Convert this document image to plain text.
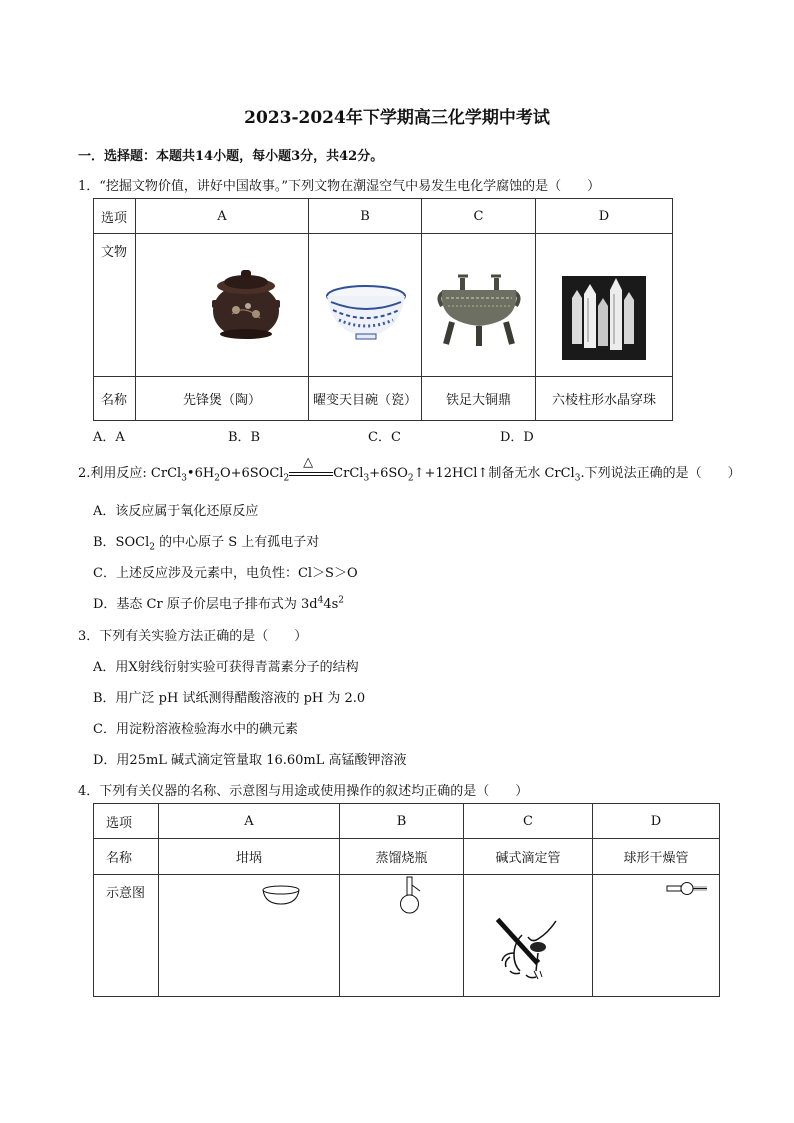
2023-2024年下学期高三化学期中考试
一．选择题：本题共14小题，每小题3分，共42分。
1．“挖掘文物价值，讲好中国故事。”下列文物在潮湿空气中易发生电化学腐蚀的是（　　）
选项	A	B	C	D
文物				
名称	先锋煲（陶）	曜变天目碗（瓷）	铁足大铜鼎	六棱柱形水晶穿珠
A．A	B．B	C．C	D．D
2.利用反应: $CrCl_3•6H_2O+6SOCl_2$
△
$CrCl_3+6SO_2↑+12HCl↑$制备无水 CrCl$_3$.下列说法正确的是（　　）
A．该反应属于氧化还原反应
B．SOCl$_2$ 的中心原子 S 上有孤电子对
C．上述反应涉及元素中，电负性：Cl＞S＞O
D．基态 Cr 原子价层电子排布式为 $3d^44s^2$
3．下列有关实验方法正确的是（　　）
A．用X射线衍射实验可获得青蒿素分子的结构
B．用广泛 pH 试纸测得醋酸溶液的 pH 为 2.0
C．用淀粉溶液检验海水中的碘元素
D．用25mL 碱式滴定管量取 16.60mL 高锰酸钾溶液
4．下列有关仪器的名称、示意图与用途或使用操作的叙述均正确的是（　　）
选项	A	B	C	D
名称	坩埚	蒸馏烧瓶	碱式滴定管	球形干燥管
示意图				
